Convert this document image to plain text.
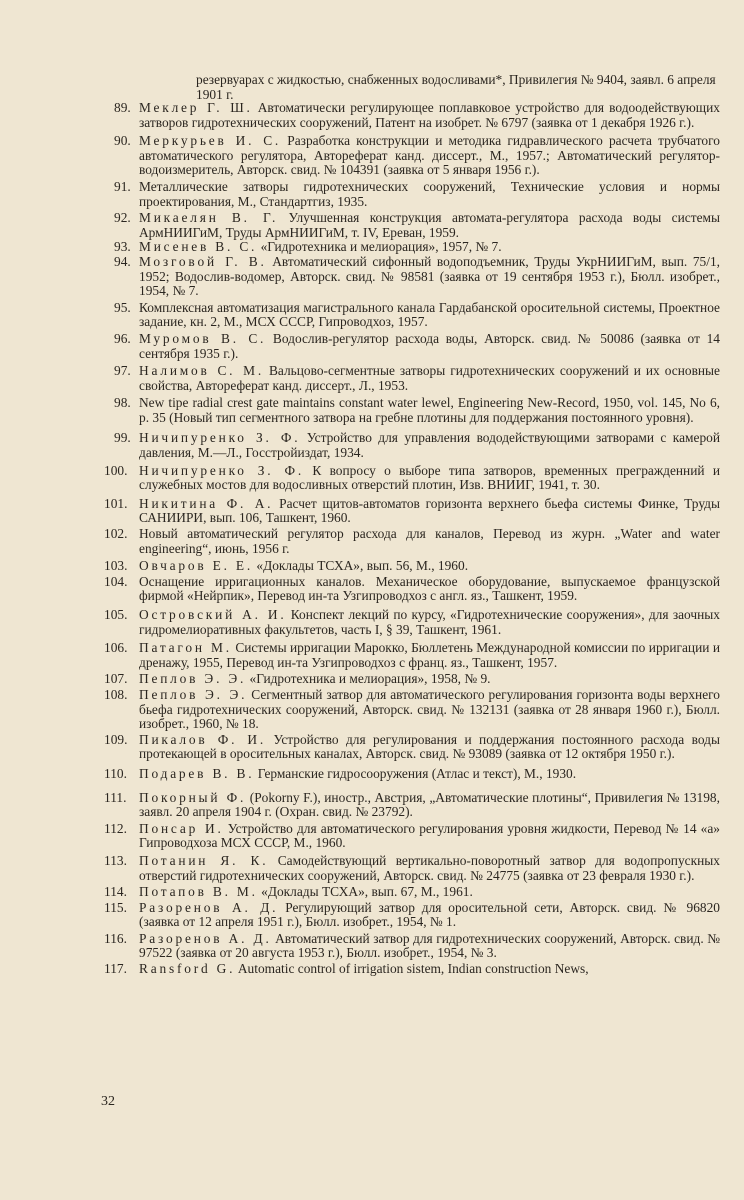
резервуарах с жидкостью, снабженных водосливами*, Привилегия № 9404, заявл. 6 апреля 1901 г.
89. Меклер Г. Ш. Автоматически регулирующее поплавковое устройство для водоодействующих затворов гидротехнических сооружений, Патент на изобрет. № 6797 (заявка от 1 декабря 1926 г.).

90. Меркурьев И. С. Разработка конструкции и методика гидравлического расчета трубчатого автоматического регулятора, Автореферат канд. диссерт., М., 1957.; Автоматический регулятор-водоизмеритель, Авторск. свид. № 104391 (заявка от 5 января 1956 г.).

91. Металлические затворы гидротехнических сооружений, Технические условия и нормы проектирования, М., Стандартгиз, 1935.

92. Микаелян В. Г. Улучшенная конструкция автомата-регулятора расхода воды системы АрмНИИГиМ, Труды АрмНИИГиМ, т. IV, Ереван, 1959.

93. Мисенев В. С. «Гидротехника и мелиорация», 1957, № 7.

94. Мозговой Г. В. Автоматический сифонный водоподъемник, Труды УкрНИИГиМ, вып. 75/1, 1952; Водослив-водомер, Авторск. свид. № 98581 (заявка от 19 сентября 1953 г.), Бюлл. изобрет., 1954, № 7.

95. Комплексная автоматизация магистрального канала Гардабанской оросительной системы, Проектное задание, кн. 2, М., МСХ СССР, Гипроводхоз, 1957.

96. Муромов В. С. Водослив-регулятор расхода воды, Авторск. свид. № 50086 (заявка от 14 сентября 1935 г.).

97. Налимов С. М. Вальцово-сегментные затворы гидротехнических сооружений и их основные свойства, Автореферат канд. диссерт., Л., 1953.

98. New tipe radial crest gate maintains constant water lewel, Engineering New-Record, 1950, vol. 145, No 6, p. 35 (Новый тип сегментного затвора на гребне плотины для поддержания постоянного уровня).

99. Ничипуренко З. Ф. Устройство для управления вододействующими затворами с камерой давления, М.—Л., Госстройиздат, 1934.

100. Ничипуренко З. Ф. К вопросу о выборе типа затворов, временных прегражденний и служебных мостов для водосливных отверстий плотин, Изв. ВНИИГ, 1941, т. 30.

101. Никитина Ф. А. Расчет щитов-автоматов горизонта верхнего бьефа системы Финке, Труды САНИИРИ, вып. 106, Ташкент, 1960.

102. Новый автоматический регулятор расхода для каналов, Перевод из журн. „Water and water engineering“, июнь, 1956 г.

103. Овчаров Е. Е. «Доклады ТСХА», вып. 56, М., 1960.

104. Оснащение ирригационных каналов. Механическое оборудование, выпускаемое французской фирмой «Нейрпик», Перевод ин-та Узгипроводхоз с англ. яз., Ташкент, 1959.

105. Островский А. И. Конспект лекций по курсу, «Гидротехнические сооружения», для заочных гидромелиоративных факультетов, часть I, § 39, Ташкент, 1961.

106. Патагон М. Системы ирригации Марокко, Бюллетень Международной комиссии по ирригации и дренажу, 1955, Перевод ин-та Узгипроводхоз с франц. яз., Ташкент, 1957.

107. Пеплов Э. Э. «Гидротехника и мелиорация», 1958, № 9.

108. Пеплов Э. Э. Сегментный затвор для автоматического регулирования горизонта воды верхнего бьефа гидротехнических сооружений, Авторск. свид. № 132131 (заявка от 28 января 1960 г.), Бюлл. изобрет., 1960, № 18.

109. Пикалов Ф. И. Устройство для регулирования и поддержания постоянного расхода воды протекающей в оросительных каналах, Авторск. свид. № 93089 (заявка от 12 октября 1950 г.).

110. Подарев В. В. Германские гидросооружения (Атлас и текст), М., 1930.

111. Покорный Ф. (Pokorny F.), иностр., Австрия, „Автоматические плотины“, Привилегия № 13198, заявл. 20 апреля 1904 г. (Охран. свид. № 23792).

112. Понсар И. Устройство для автоматического регулирования уровня жидкости, Перевод № 14 «а» Гипроводхоза МСХ СССР, М., 1960.

113. Потанин Я. К. Самодействующий вертикально-поворотный затвор для водопропускных отверстий гидротехнических сооружений, Авторск. свид. № 24775 (заявка от 23 февраля 1930 г.).

114. Потапов В. М. «Доклады ТСХА», вып. 67, М., 1961.

115. Разоренов А. Д. Регулирующий затвор для оросительной сети, Авторск. свид. № 96820 (заявка от 12 апреля 1951 г.), Бюлл. изобрет., 1954, № 1.

116. Разоренов А. Д. Автоматический затвор для гидротехнических сооружений, Авторск. свид. № 97522 (заявка от 20 августа 1953 г.), Бюлл. изобрет., 1954, № 3.

117. Ransford G. Automatic control of irrigation sistem, Indian construction News,

32
